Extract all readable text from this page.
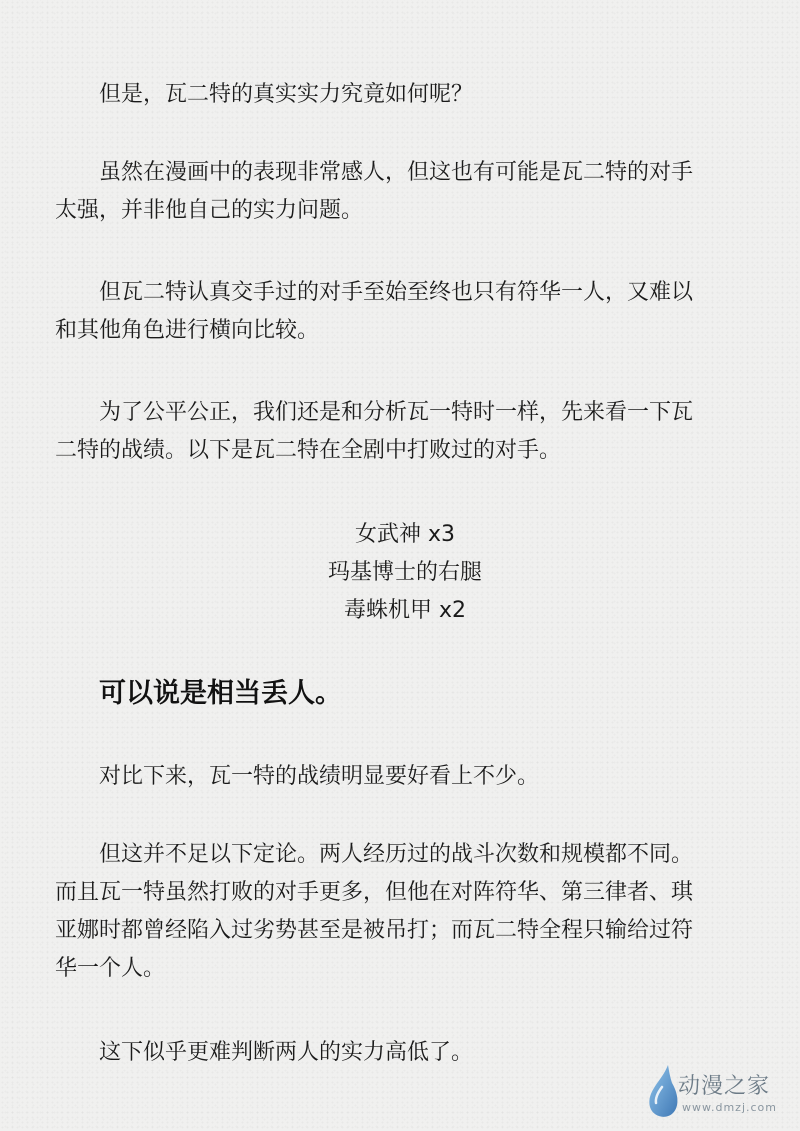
但是，瓦二特的真实实力究竟如何呢？

虽然在漫画中的表现非常感人，但这也有可能是瓦二特的对手
太强，并非他自己的实力问题。

但瓦二特认真交手过的对手至始至终也只有符华一人，又难以
和其他角色进行横向比较。

为了公平公正，我们还是和分析瓦一特时一样，先来看一下瓦
二特的战绩。以下是瓦二特在全剧中打败过的对手。

女武神 x3
玛基博士的右腿
毒蛛机甲 x2
可以说是相当丢人。

对比下来，瓦一特的战绩明显要好看上不少。

但这并不足以下定论。两人经历过的战斗次数和规模都不同。
而且瓦一特虽然打败的对手更多，但他在对阵符华、第三律者、琪
亚娜时都曾经陷入过劣势甚至是被吊打；而瓦二特全程只输给过符
华一个人。

这下似乎更难判断两人的实力高低了。

动漫之家
www.dmzj.com
